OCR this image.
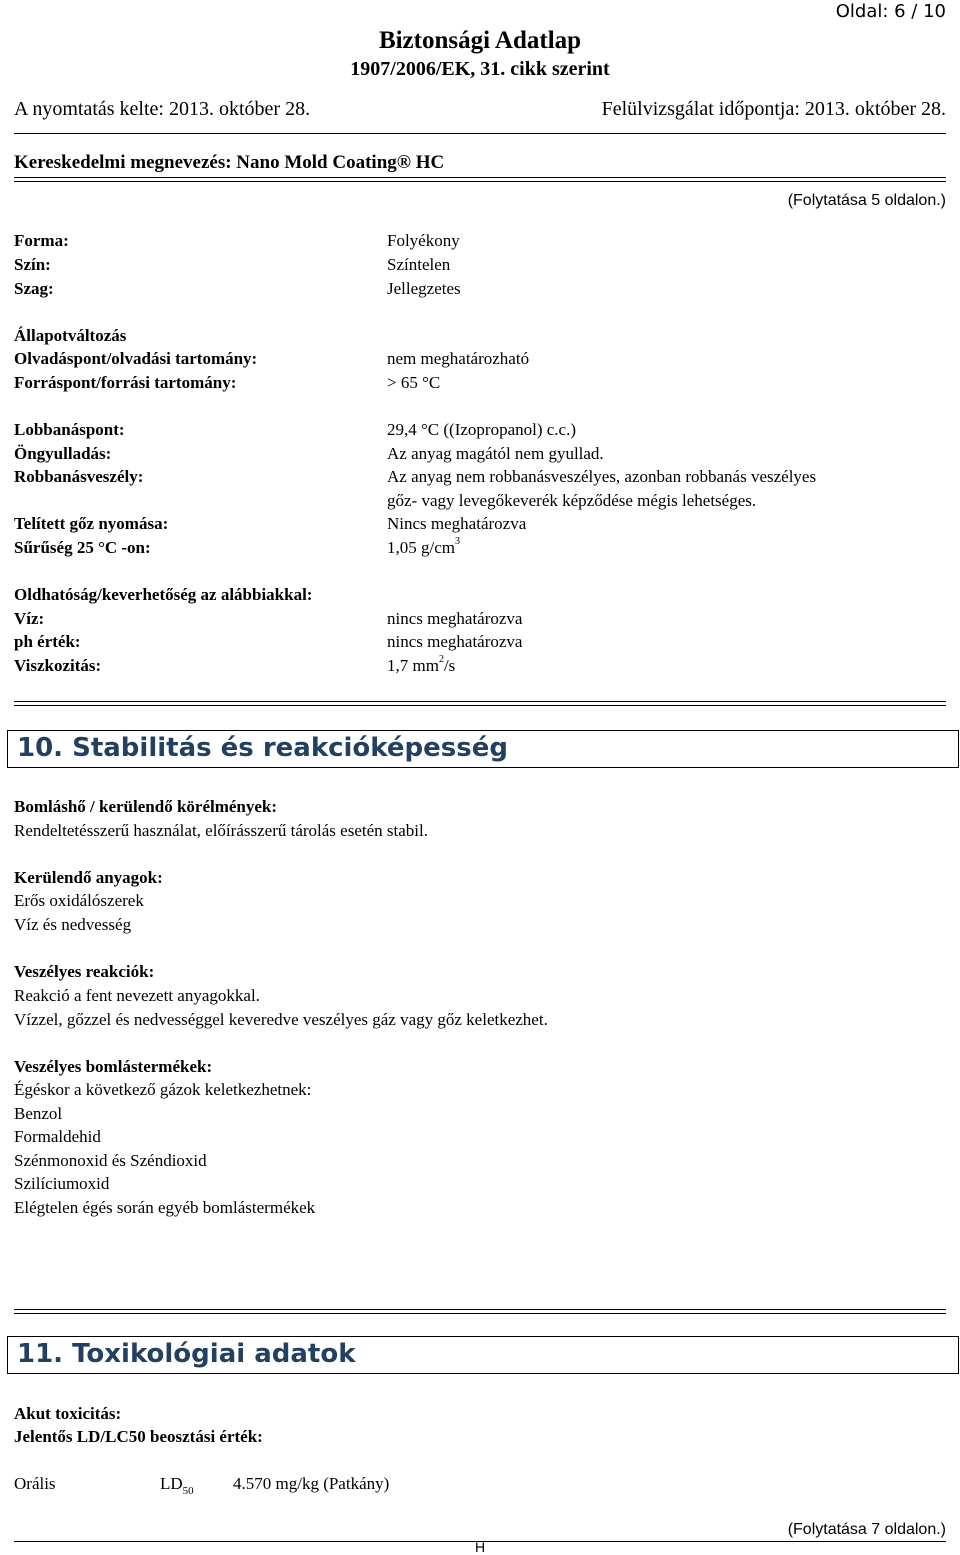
Oldal: 6 / 10
Biztonsági Adatlap
1907/2006/EK, 31. cikk szerint
A nyomtatás kelte: 2013. október 28.	Felülvizsgálat időpontja: 2013. október 28.
Kereskedelmi megnevezés: Nano Mold Coating® HC
(Folytatása 5 oldalon.)
Forma:	Folyékony
Szín:	Színtelen
Szag:	Jellegzetes
Állapotváltozás
Olvadáspont/olvadási tartomány:	nem meghatározható
Forráspont/forrási tartomány:	> 65 °C
Lobbanáspont:	29,4 °C ((Izopropanol) c.c.)
Öngyulladás:	Az anyag magától nem gyullad.
Robbanásveszély:	Az anyag nem robbanásveszélyes, azonban robbanás veszélyes
gőz- vagy levegőkeverék képződése mégis lehetséges.
Telített gőz nyomása:	Nincs meghatározva
Sűrűség 25 °C -on:	1,05 $g/cm^3$
Oldhatóság/keverhetőség az alábbiakkal:
Víz:	nincs meghatározva
ph érték:	nincs meghatározva
Viszkozitás:	1,7 $mm^2/s$
10. Stabilitás és reakcióképesség
Bomláshő / kerülendő körélmények:
Rendeltetésszerű használat, előírásszerű tárolás esetén stabil.
Kerülendő anyagok:
Erős oxidálószerek
Víz és nedvesség
Veszélyes reakciók:
Reakció a fent nevezett anyagokkal.
Vízzel, gőzzel és nedvességgel keveredve veszélyes gáz vagy gőz keletkezhet.
Veszélyes bomlástermékek:
Égéskor a következő gázok keletkezhetnek:
Benzol
Formaldehid
Szénmonoxid és Széndioxid
Szilíciumoxid
Elégtelen égés során egyéb bomlástermékek
11. Toxikológiai adatok
Akut toxicitás:
Jelentős LD/LC50 beosztási érték:
Orális	$LD_{50}$ 4.570 mg/kg (Patkány)
(Folytatása 7 oldalon.)
H
